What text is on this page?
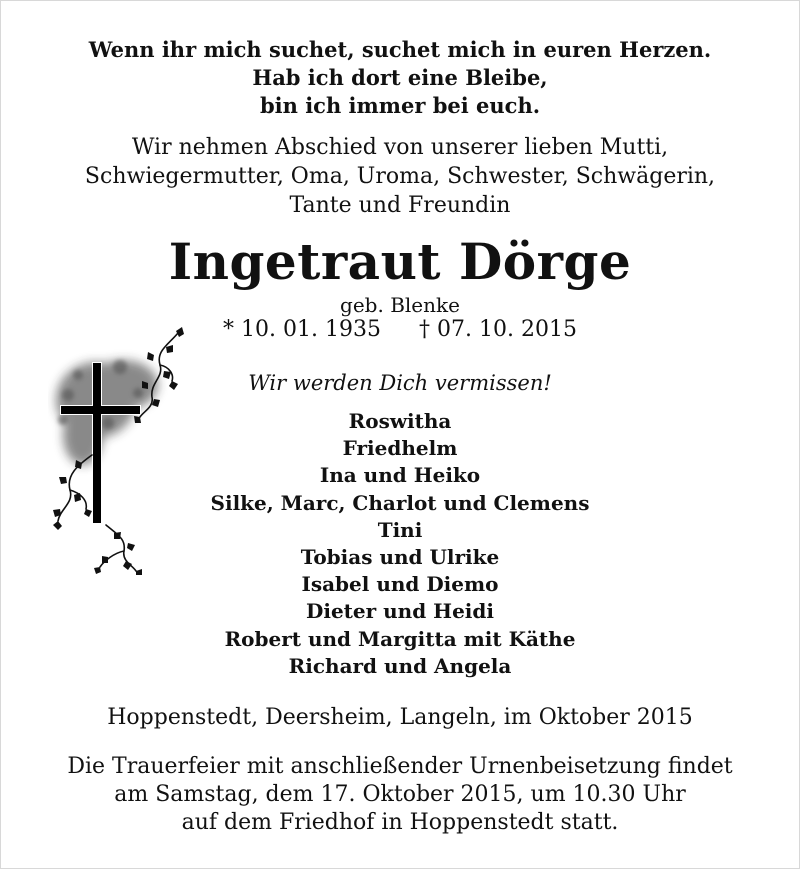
Wenn ihr mich suchet, suchet mich in euren Herzen.
Hab ich dort eine Bleibe,
bin ich immer bei euch.
Wir nehmen Abschied von unserer lieben Mutti,
Schwiegermutter, Oma, Uroma, Schwester, Schwägerin,
Tante und Freundin
Ingetraut Dörge
geb. Blenke
* 10. 01. 1935 † 07. 10. 2015
Wir werden Dich vermissen!
Roswitha
Friedhelm
Ina und Heiko
Silke, Marc, Charlot und Clemens
Tini
Tobias und Ulrike
Isabel und Diemo
Dieter und Heidi
Robert und Margitta mit Käthe
Richard und Angela
Hoppenstedt, Deersheim, Langeln, im Oktober 2015
Die Trauerfeier mit anschließender Urnenbeisetzung findet
am Samstag, dem 17. Oktober 2015, um 10.30 Uhr
auf dem Friedhof in Hoppenstedt statt.
